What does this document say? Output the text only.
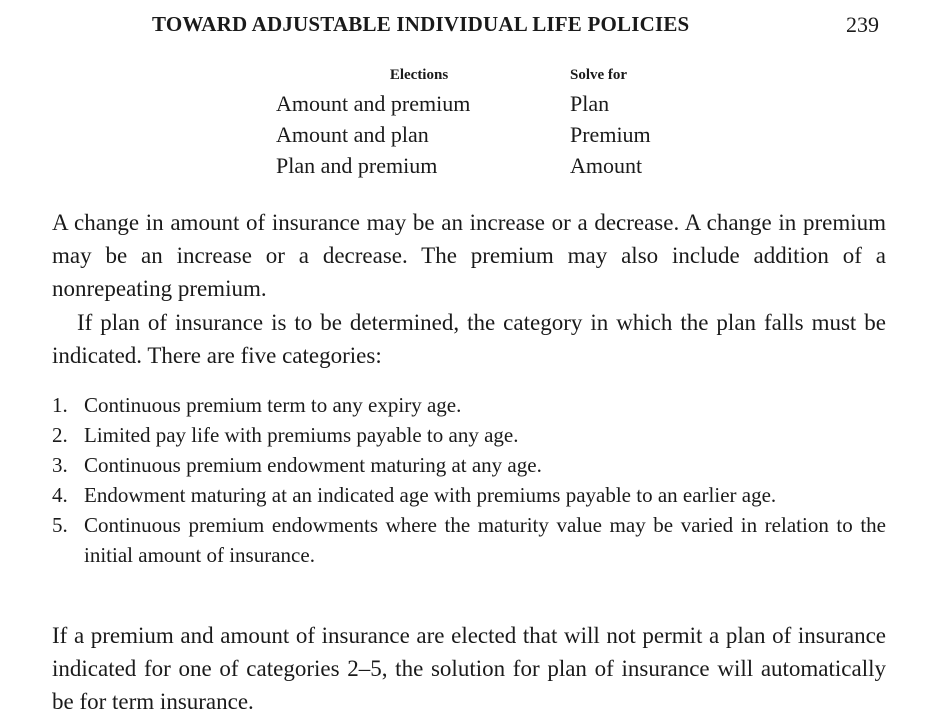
TOWARD ADJUSTABLE INDIVIDUAL LIFE POLICIES	239
Elections	Solve for
Amount and premium	Plan
Amount and plan	Premium
Plan and premium	Amount

A change in amount of insurance may be an increase or a decrease. A change in premium may be an increase or a decrease. The premium may also include addition of a nonrepeating premium.

If plan of insurance is to be determined, the category in which the plan falls must be indicated. There are five categories:

1. Continuous premium term to any expiry age.
2. Limited pay life with premiums payable to any age.
3. Continuous premium endowment maturing at any age.
4. Endowment maturing at an indicated age with premiums payable to an earlier age.
5. Continuous premium endowments where the maturity value may be varied in relation to the initial amount of insurance.

If a premium and amount of insurance are elected that will not permit a plan of insurance indicated for one of categories 2–5, the solution for plan of insurance will automatically be for term insurance.
